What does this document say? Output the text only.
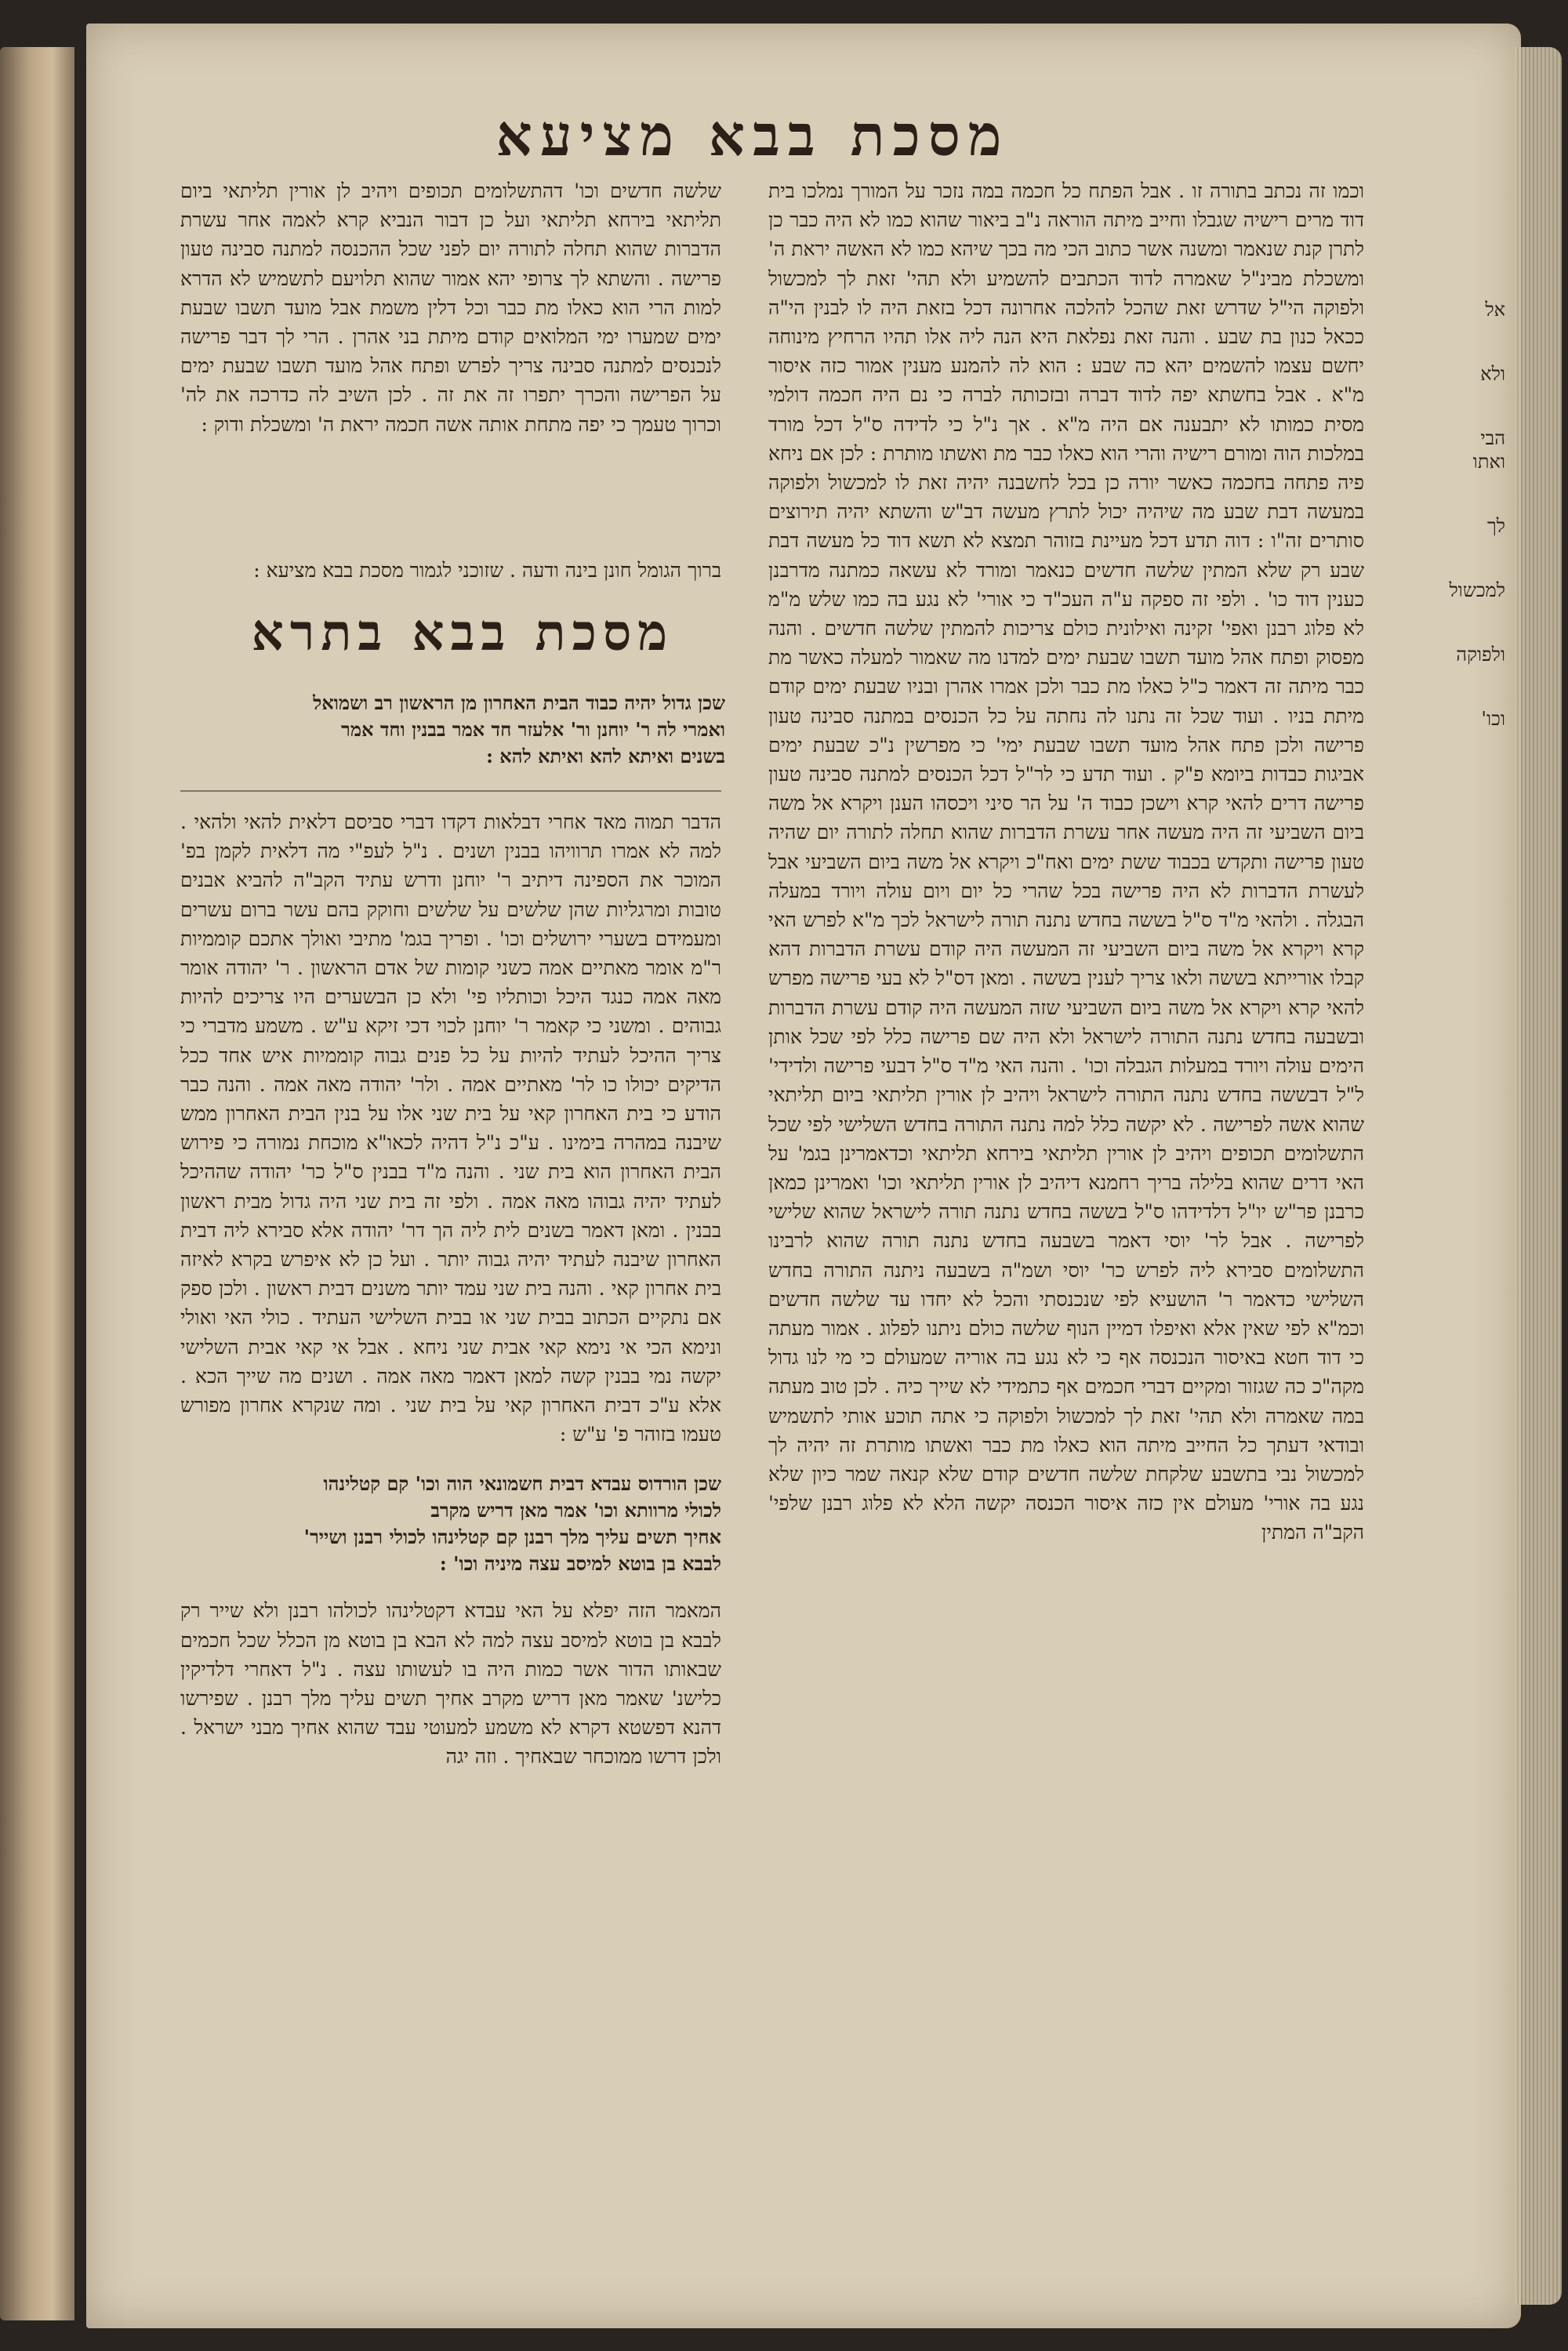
מסכת בבא מציעא
וכמו זה נכתב בתורה זו . אבל הפתח כל חכמה במה נזכר על המורך נמלכו בית דוד מרים רישיה שגבלו וחייב מיתה הוראה נ"ב ביאור שהוא כמו לא היה כבר כן לתרן קנת שנאמר ומשנה אשר כתוב הכי מה בכך שיהא כמו לא האשה יראת ה' ומשכלת מבינ"ל שאמרה לדוד הכתבים להשמיע ולא תהי' זאת לך למכשול ולפוקה הי"ל שדרש זאת שהכל להלכה אחרונה דכל בזאת היה לו לבנין הי"ה ככאל כנון בת שבע . והנה זאת נפלאת היא הנה ליה אלו תהיו הרחיץ מינוחה יחשם עצמו להשמים יהא כה שבע : הוא לה להמנע מענין אמור כזה איסור מ"א . אבל בחשתא יפה לדוד דברה ובזכותה לברה כי נם היה חכמה דולמי מסית כמותו לא יתבענה אם היה מ"א . אך נ"ל כי לדידה ס"ל דכל מורד במלכות הוה ומורם רישיה והרי הוא כאלו כבר מת ואשתו מותרת : לכן אם ניחא פיה פתחה בחכמה כאשר יורה כן בכל לחשבנה יהיה זאת לו למכשול ולפוקה במעשה דבת שבע מה שיהיה יכול לתרץ מעשה דב"ש והשתא יהיה תירוצים סותרים זה"ו : דוה תדע דכל מעיינת בזוהר תמצא לא תשא דוד כל מעשה דבת שבע רק שלא המתין שלשה חדשים כנאמר ומורד לא עשאה כמתנה מדרבנן כענין דוד כו' . ולפי זה ספקה ע"ה העכ"ד כי אורי' לא נגע בה כמו שלש מ"מ לא פלוג רבנן ואפי' זקינה ואילונית כולם צריכות להמתין שלשה חדשים . והנה מפסוק ופתח אהל מועד תשבו שבעת ימים למדנו מה שאמור למעלה כאשר מת כבר מיתה זה דאמר כ"ל כאלו מת כבר ולכן אמרו אהרן ובניו שבעת ימים קודם מיתת בניו . ועוד שכל זה נתנו לה נחתה על כל הכנסים במתנה סבינה טעון פרישה ולכן פתח אהל מועד תשבו שבעת ימי' כי מפרשין נ"כ שבעת ימים אביגות כבדות ביומא פ"ק . ועוד תדע כי לר"ל דכל הכנסים למתנה סבינה טעון פרישה דרים להאי קרא וישכן כבוד ה' על הר סיני ויכסהו הענן ויקרא אל משה ביום השביעי זה היה מעשה אחר עשרת הדברות שהוא תחלה לתורה יום שהיה טעון פרישה ותקדש בכבוד ששת ימים ואח"כ ויקרא אל משה ביום השביעי אבל לעשרת הדברות לא היה פרישה בכל שהרי כל יום ויום עולה ויורד במעלה הבגלה . ולהאי מ"ד ס"ל בששה בחדש נתנה תורה לישראל לכך מ"א לפרש האי קרא ויקרא אל משה ביום השביעי זה המעשה היה קודם עשרת הדברות דהא קבלו אורייתא בששה ולאו צריך לענין בששה . ומאן דס"ל לא בעי פרישה מפרש להאי קרא ויקרא אל משה ביום השביעי שזה המעשה היה קודם עשרת הדברות ובשבעה בחדש נתנה התורה לישראל ולא היה שם פרישה כלל לפי שכל אותן הימים עולה ויורד במעלות הגבלה וכו' . והנה האי מ"ד ס"ל דבעי פרישה ולדידי' ל"ל דבששה בחדש נתנה התורה לישראל ויהיב לן אורין תליתאי ביום תליתאי שהוא אשה לפרישה . לא יקשה כלל למה נתנה התורה בחדש השלישי לפי שכל התשלומים תכופים ויהיב לן אורין תליתאי בירחא תליתאי וכדאמרינן בגמ' על האי דרים שהוא בלילה בריך רחמנא דיהיב לן אורין תליתאי וכו' ואמרינן כמאן כרבנן פר"ש יו"ל דלדידהו ס"ל בששה בחדש נתנה תורה לישראל שהוא שלישי לפרישה . אבל לר' יוסי דאמר בשבעה בחדש נתנה תורה שהוא לרבינו התשלומים סבירא ליה לפרש כר' יוסי ושמ"ה בשבעה ניתנה התורה בחדש השלישי כדאמר ר' הושעיא לפי שנכנסתי והכל לא יחדו עד שלשה חדשים וכמ"א לפי שאין אלא ואיפלו דמיין הנוף שלשה כולם ניתנו לפלוג . אמור מעתה כי דוד חטא באיסור הנכנסה אף כי לא נגע בה אוריה שמעולם כי מי לנו גדול מקה"כ כה שגזור ומקיים דברי חכמים אף כתמידי לא שייך כיה . לכן טוב מעתה במה שאמרה ולא תהי' זאת לך למכשול ולפוקה כי אתה תוכע אותי לתשמיש ובודאי דעתך כל החייב מיתה הוא כאלו מת כבר ואשתו מותרת זה יהיה לך למכשול נבי בתשבע שלקחת שלשה חדשים קודם שלא קנאה שמר כיון שלא נגע בה אורי' מעולם אין כזה איסור הכנסה יקשה הלא לא פלוג רבנן שלפי' הקב"ה המתין
שלשה חדשים וכו' דהתשלומים תכופים ויהיב לן אורין תליתאי ביום תליתאי בירחא תליתאי ועל כן דבור הנביא קרא לאמה אחר עשרת הדברות שהוא תחלה לתורה יום לפני שכל ההכנסה למתנה סבינה טעון פרישה . והשתא לך צרופי יהא אמור שהוא תלויעם לתשמיש לא הדרא למות הרי הוא כאלו מת כבר וכל דלין משמת אבל מועד תשבו שבעת ימים שמערו ימי המלואים קודם מיתת בני אהרן . הרי לך דבר פרישה לנכנסים למתנה סבינה צריך לפרש ופתח אהל מועד תשבו שבעת ימים על הפרישה והכרך יתפרו זה את זה . לכן השיב לה כדרכה את לה' וכרוך טעמך כי יפה מתחת אותה אשה חכמה יראת ה' ומשכלת ודוק :
ברוך הגומל חונן בינה ודעה . שזוכני לגמור מסכת בבא מציעא :
מסכת בבא בתרא
שכן גדול יהיה כבוד הבית האחרון מן הראשון רב ושמואל
ואמרי לה ר' יוחנן ור' אלעזר חד אמר בבנין וחד אמר
בשנים ואיתא להא ואיתא להא :
הדבר תמוה מאד אחרי דבלאות דקדו דברי סביסם דלאית להאי ולהאי . למה לא אמרו תרוויהו בבנין ושנים . נ"ל לעפ"י מה דלאית לקמן בפ' המוכר את הספינה דיתיב ר' יוחנן ודרש עתיד הקב"ה להביא אבנים טובות ומרגליות שהן שלשים על שלשים וחוקק בהם עשר ברום עשרים ומעמידם בשערי ירושלים וכו' . ופריך בגמ' מתיבי ואולך אתכם קוממיות ר"מ אומר מאתיים אמה כשני קומות של אדם הראשון . ר' יהודה אומר מאה אמה כנגד היכל וכותליו פי' ולא כן הבשערים היו צריכים להיות גבוהים . ומשני כי קאמר ר' יוחנן לכוי דכי זיקא ע"ש . משמע מדברי כי צריך ההיכל לעתיד להיות על כל פנים גבוה קוממיות איש אחד ככל הדיקים יכולו כו לר' מאתיים אמה . ולר' יהודה מאה אמה . והנה כבר הודע כי בית האחרון קאי על בית שני אלו על בנין הבית האחרון ממש שיבנה במהרה בימינו . ע"כ נ"ל דהיה לכאו"א מוכחת נמורה כי פירוש הבית האחרון הוא בית שני . והנה מ"ד בבנין ס"ל כר' יהודה שההיכל לעתיד יהיה גבוהו מאה אמה . ולפי זה בית שני היה גדול מבית ראשון בבנין . ומאן דאמר בשנים לית ליה הך דר' יהודה אלא סבירא ליה דבית האחרון שיבנה לעתיד יהיה גבוה יותר . ועל כן לא איפרש בקרא לאיזה בית אחרון קאי . והנה בית שני עמד יותר משנים דבית ראשון . ולכן ספק אם נתקיים הכתוב בבית שני או בבית השלישי העתיד . כולי האי ואולי ונימא הכי אי נימא קאי אבית שני ניחא . אבל אי קאי אבית השלישי יקשה נמי בבנין קשה למאן דאמר מאה אמה . ושנים מה שייך הכא . אלא ע"כ דבית האחרון קאי על בית שני . ומה שנקרא אחרון מפורש טעמו בזוהר פ' ע"ש :
שכן הורדוס עבדא דבית חשמונאי הוה וכו' קם קטלינהו
לכולי מרוותא וכו' אמר מאן דריש מקרב
אחיך תשים עליך מלך רבנן קם קטלינהו לכולי רבנן ושייר'
לבבא בן בוטא למיסב עצה מיניה וכו' :
המאמר הזה יפלא על האי עבדא דקטלינהו לכולהו רבנן ולא שייר רק לבבא בן בוטא למיסב עצה למה לא הבא בן בוטא מן הכלל שכל חכמים שבאותו הדור אשר כמות היה בו לעשותו עצה . נ"ל דאחרי דלדיקין כלישנ' שאמר מאן דריש מקרב אחיך תשים עליך מלך רבנן . שפירשו דהנא דפשטא דקרא לא משמע למעוטי עבד שהוא אחיך מבני ישראל . ולכן דרשו ממוכחר שבאחיך . וזה יגה
אל
ולא
הבי ואתו
לך
למכשול
ולפוקה
וכו'
